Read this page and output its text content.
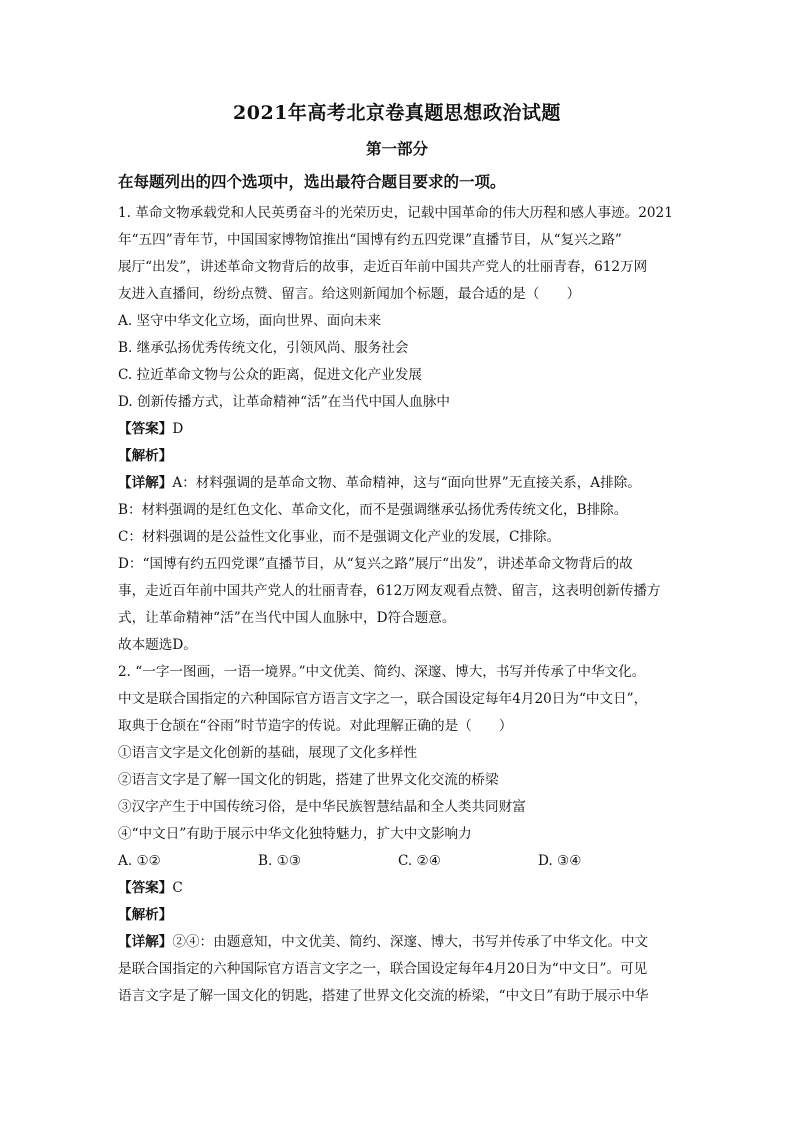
2021年高考北京卷真题思想政治试题
第一部分
在每题列出的四个选项中，选出最符合题目要求的一项。
1. 革命文物承载党和人民英勇奋斗的光荣历史，记载中国革命的伟大历程和感人事迹。2021
年“五四”青年节，中国国家博物馆推出“国博有约五四党课”直播节目，从“复兴之路”
展厅“出发”，讲述革命文物背后的故事，走近百年前中国共产党人的壮丽青春，612万网
友进入直播间，纷纷点赞、留言。给这则新闻加个标题，最合适的是（　　）
A. 坚守中华文化立场，面向世界、面向未来
B. 继承弘扬优秀传统文化，引领风尚、服务社会
C. 拉近革命文物与公众的距离，促进文化产业发展
D. 创新传播方式，让革命精神“活”在当代中国人血脉中
【答案】D
【解析】
【详解】A：材料强调的是革命文物、革命精神，这与“面向世界”无直接关系，A排除。
B：材料强调的是红色文化、革命文化，而不是强调继承弘扬优秀传统文化，B排除。
C：材料强调的是公益性文化事业，而不是强调文化产业的发展，C排除。
D：“国博有约五四党课”直播节目，从“复兴之路”展厅“出发”，讲述革命文物背后的故
事，走近百年前中国共产党人的壮丽青春，612万网友观看点赞、留言，这表明创新传播方
式，让革命精神“活”在当代中国人血脉中，D符合题意。
故本题选D。
2. “一字一图画，一语一境界。”中文优美、简约、深邃、博大，书写并传承了中华文化。
中文是联合国指定的六种国际官方语言文字之一，联合国设定每年4月20日为“中文日”，
取典于仓颉在“谷雨”时节造字的传说。对此理解正确的是（　　）
①语言文字是文化创新的基础，展现了文化多样性
②语言文字是了解一国文化的钥匙，搭建了世界文化交流的桥梁
③汉字产生于中国传统习俗，是中华民族智慧结晶和全人类共同财富
④“中文日”有助于展示中华文化独特魅力，扩大中文影响力
A. ①②	B. ①③	C. ②④	D. ③④
【答案】C
【解析】
【详解】②④：由题意知，中文优美、简约、深邃、博大，书写并传承了中华文化。中文
是联合国指定的六种国际官方语言文字之一，联合国设定每年4月20日为“中文日”。可见
语言文字是了解一国文化的钥匙，搭建了世界文化交流的桥梁，“中文日”有助于展示中华
